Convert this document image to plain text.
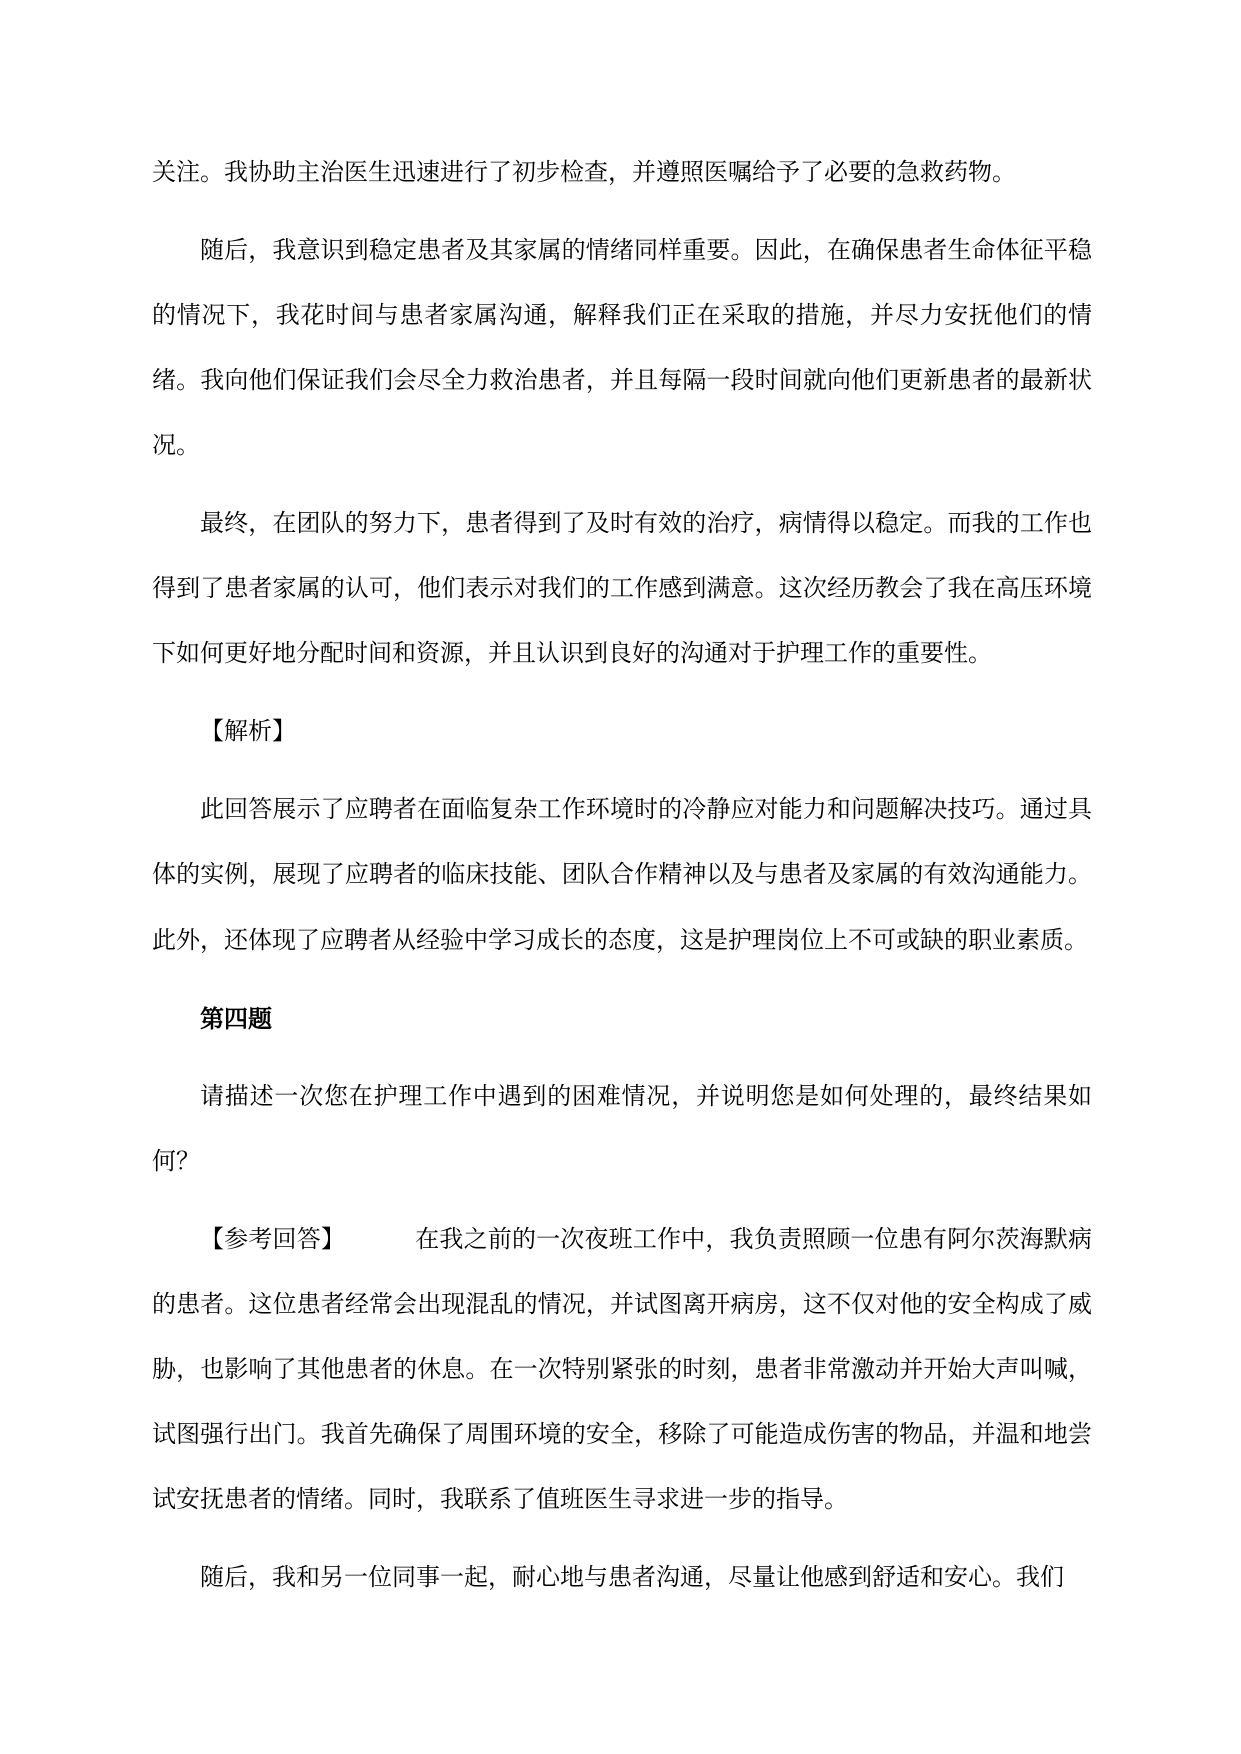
关注。我协助主治医生迅速进行了初步检查，并遵照医嘱给予了必要的急救药物。

随后，我意识到稳定患者及其家属的情绪同样重要。因此，在确保患者生命体征平稳的情况下，我花时间与患者家属沟通，解释我们正在采取的措施，并尽力安抚他们的情绪。我向他们保证我们会尽全力救治患者，并且每隔一段时间就向他们更新患者的最新状况。

最终，在团队的努力下，患者得到了及时有效的治疗，病情得以稳定。而我的工作也得到了患者家属的认可，他们表示对我们的工作感到满意。这次经历教会了我在高压环境下如何更好地分配时间和资源，并且认识到良好的沟通对于护理工作的重要性。

【解析】

此回答展示了应聘者在面临复杂工作环境时的冷静应对能力和问题解决技巧。通过具体的实例，展现了应聘者的临床技能、团队合作精神以及与患者及家属的有效沟通能力。此外，还体现了应聘者从经验中学习成长的态度，这是护理岗位上不可或缺的职业素质。

第四题

请描述一次您在护理工作中遇到的困难情况，并说明您是如何处理的，最终结果如何？

【参考回答】	在我之前的一次夜班工作中，我负责照顾一位患有阿尔茨海默病的患者。这位患者经常会出现混乱的情况，并试图离开病房，这不仅对他的安全构成了威胁，也影响了其他患者的休息。在一次特别紧张的时刻，患者非常激动并开始大声叫喊，试图强行出门。我首先确保了周围环境的安全，移除了可能造成伤害的物品，并温和地尝试安抚患者的情绪。同时，我联系了值班医生寻求进一步的指导。

随后，我和另一位同事一起，耐心地与患者沟通，尽量让他感到舒适和安心。我们
